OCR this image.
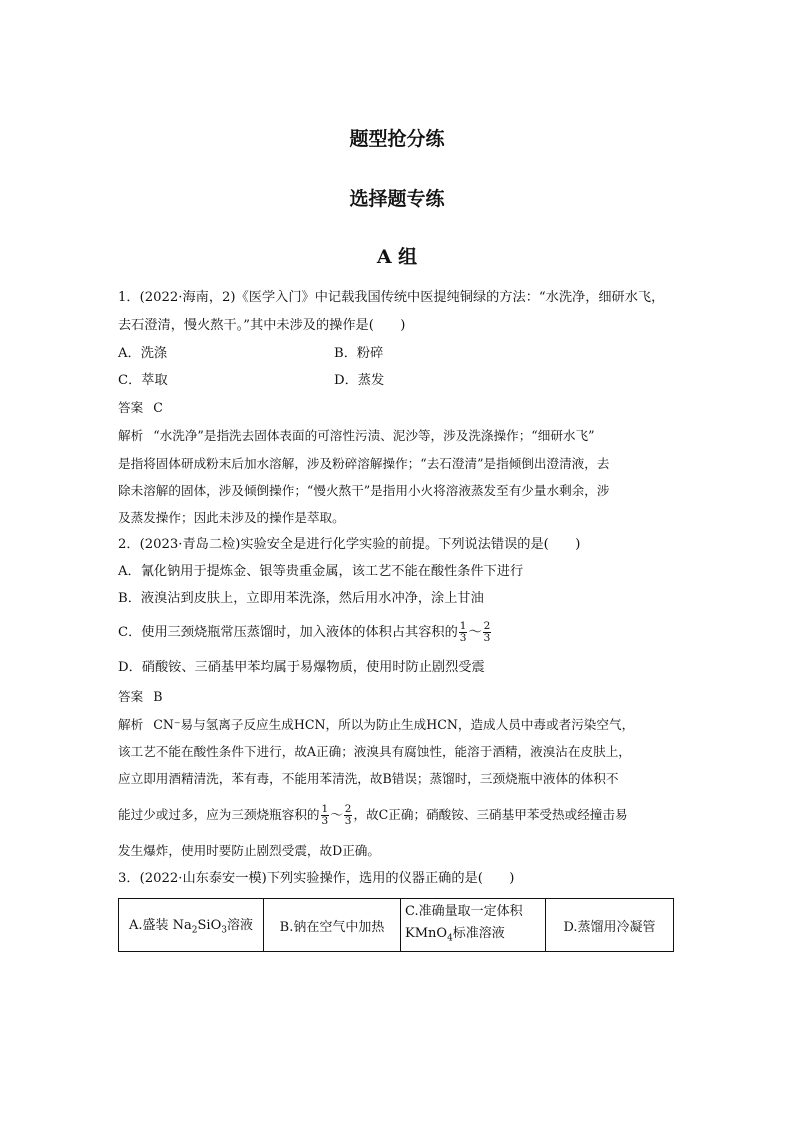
题型抢分练
选择题专练
A 组
1．(2022·海南，2)《医学入门》中记载我国传统中医提纯铜绿的方法：“水洗净，细研水飞，
去石澄清，慢火熬干。”其中未涉及的操作是(　　)
A．洗涤	B．粉碎
C．萃取	D．蒸发
答案 C
解析 “水洗净”是指洗去固体表面的可溶性污渍、泥沙等，涉及洗涤操作；“细研水飞”
是指将固体研成粉末后加水溶解，涉及粉碎溶解操作；“去石澄清”是指倾倒出澄清液，去
除未溶解的固体，涉及倾倒操作；“慢火熬干”是指用小火将溶液蒸发至有少量水剩余，涉
及蒸发操作；因此未涉及的操作是萃取。
2．(2023·青岛二检)实验安全是进行化学实验的前提。下列说法错误的是(　　)
A．氰化钠用于提炼金、银等贵重金属，该工艺不能在酸性条件下进行
B．液溴沾到皮肤上，立即用苯洗涤，然后用水冲净，涂上甘油
C．使用三颈烧瓶常压蒸馏时，加入液体的体积占其容积的 $\frac{1}{3}$ ～ $\frac{2}{3}$
D．硝酸铵、三硝基甲苯均属于易爆物质，使用时防止剧烈受震
答案 B
解析 CN⁻易与氢离子反应生成HCN，所以为防止生成HCN，造成人员中毒或者污染空气，
该工艺不能在酸性条件下进行，故A正确；液溴具有腐蚀性，能溶于酒精，液溴沾在皮肤上，
应立即用酒精清洗，苯有毒，不能用苯清洗，故B错误；蒸馏时，三颈烧瓶中液体的体积不
能过少或过多，应为三颈烧瓶容积的 $\frac{1}{3}$ ～ $\frac{2}{3}$ ，故C正确；硝酸铵、三硝基甲苯受热或经撞击易
发生爆炸，使用时要防止剧烈受震，故D正确。
3．(2022·山东泰安一模)下列实验操作，选用的仪器正确的是(　　)
A.盛装 $Na_2SiO_3$溶液	B.钠在空气中加热	C.准确量取一定体积
KMnO$_4$标准溶液	D.蒸馏用冷凝管
